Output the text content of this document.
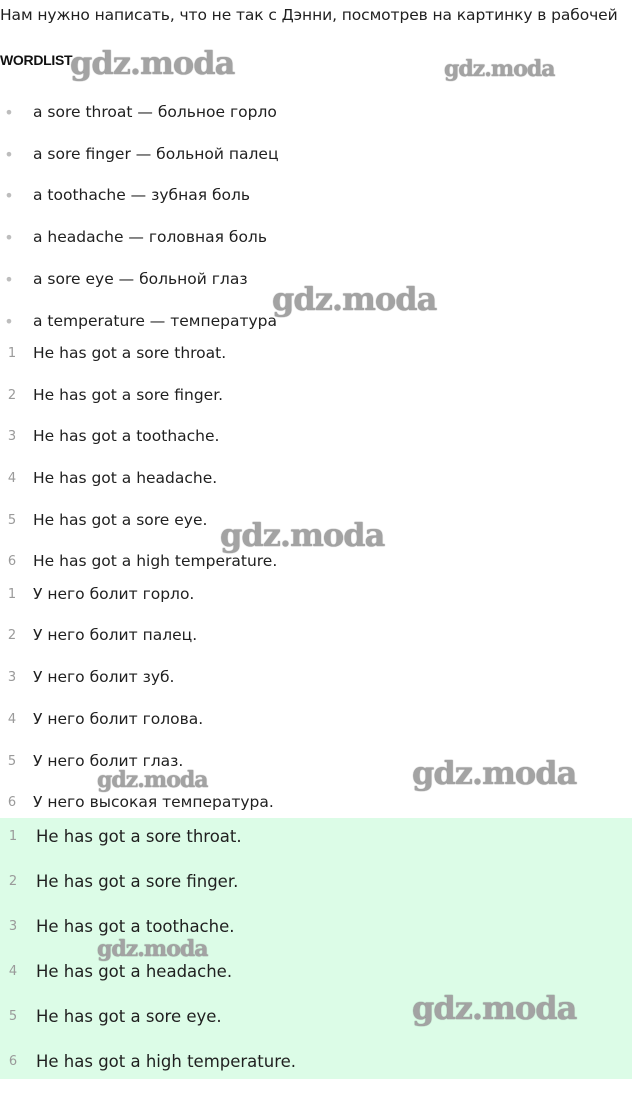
Нам нужно написать, что не так с Дэнни, посмотрев на картинку в рабочей
WORDLIST
• a sore throat — больное горло
• a sore finger — больной палец
• a toothache — зубная боль
• a headache — головная боль
• a sore eye — больной глаз
• a temperature — температура
1	He has got a sore throat.
2	He has got a sore finger.
3	He has got a toothache.
4	He has got a headache.
5	He has got a sore eye.
6	He has got a high temperature.
1	У него болит горло.
2	У него болит палец.
3	У него болит зуб.
4	У него болит голова.
5	У него болит глаз.
6	У него высокая температура.
1	He has got a sore throat.
2	He has got a sore finger.
3	He has got a toothache.
4	He has got a headache.
5	He has got a sore eye.
6	He has got a high temperature.
gdz.moda	gdz.moda
gdz.moda
gdz.moda
gdz.moda	gdz.moda
gdz.moda
gdz.moda
